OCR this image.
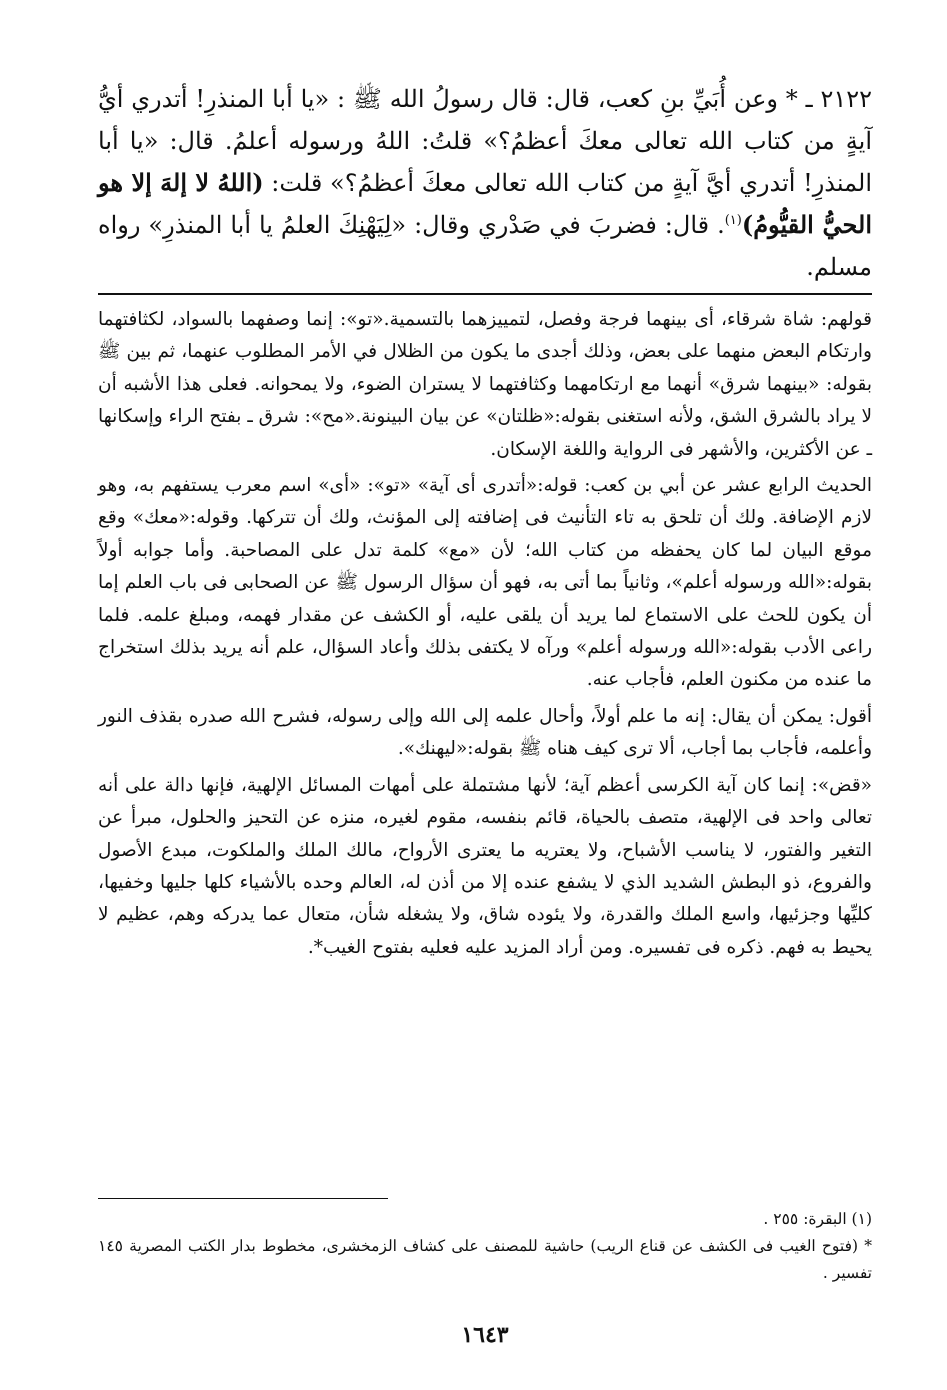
٢١٢٢ ـ * وعن أُبَيِّ بنِ كعب، قال: قال رسولُ الله ﷺ : «يا أبا المنذرِ! أتدري أيُّ آيةٍ من كتاب الله تعالى معكَ أعظمُ؟» قلتُ: اللهُ ورسوله أعلمُ. قال: «يا أبا المنذرِ! أتدري أيَّ آيةٍ من كتاب الله تعالى معكَ أعظمُ؟» قلت: (اللهُ لا إلهَ إلا هو الحيُّ القيُّومُ)$^{(١)}$. قال: فضربَ في صَدْري وقال: «لِيَهْنِكَ العلمُ يا أبا المنذرِ» رواه مسلم.

قولهم: شاة شرقاء، أى بينهما فرجة وفصل، لتمييزهما بالتسمية.«تو»: إنما وصفهما بالسواد، لكثافتهما وارتكام البعض منهما على بعض، وذلك أجدى ما يكون من الظلال في الأمر المطلوب عنهما، ثم بين ﷺ بقوله: «بينهما شرق» أنهما مع ارتكامهما وكثافتهما لا يستران الضوء، ولا يمحوانه. فعلى هذا الأشبه أن لا يراد بالشرق الشق، ولأنه استغنى بقوله:«ظلتان» عن بيان البينونة.«مح»: شرق ـ بفتح الراء وإسكانها ـ عن الأكثرين، والأشهر فى الرواية واللغة الإسكان.

الحديث الرابع عشر عن أبي بن كعب: قوله:«أتدرى أى آية» «تو»: «أى» اسم معرب يستفهم به، وهو لازم الإضافة. ولك أن تلحق به تاء التأنيث فى إضافته إلى المؤنث، ولك أن تتركها. وقوله:«معك» وقع موقع البيان لما كان يحفظه من كتاب الله؛ لأن «مع» كلمة تدل على المصاحبة. وأما جوابه أولاً بقوله:«الله ورسوله أعلم»، وثانياً بما أتى به، فهو أن سؤال الرسول ﷺ عن الصحابى فى باب العلم إما أن يكون للحث على الاستماع لما يريد أن يلقى عليه، أو الكشف عن مقدار فهمه، ومبلغ علمه. فلما راعى الأدب بقوله:«الله ورسوله أعلم» ورآه لا يكتفى بذلك وأعاد السؤال، علم أنه يريد بذلك استخراج ما عنده من مكنون العلم، فأجاب عنه.

أقول: يمكن أن يقال: إنه ما علم أولاً، وأحال علمه إلى الله وإلى رسوله، فشرح الله صدره بقذف النور وأعلمه، فأجاب بما أجاب، ألا ترى كيف هناه ﷺ بقوله:«ليهنك».

«قض»: إنما كان آية الكرسى أعظم آية؛ لأنها مشتملة على أمهات المسائل الإلهية، فإنها دالة على أنه تعالى واحد فى الإلهية، متصف بالحياة، قائم بنفسه، مقوم لغيره، منزه عن التحيز والحلول، مبرأ عن التغير والفتور، لا يناسب الأشباح، ولا يعتريه ما يعترى الأرواح، مالك الملك والملكوت، مبدع الأصول والفروع، ذو البطش الشديد الذي لا يشفع عنده إلا من أذن له، العالم وحده بالأشياء كلها جليها وخفيها، كليِّها وجزئيها، واسع الملك والقدرة، ولا يئوده شاق، ولا يشغله شأن، متعال عما يدركه وهم، عظيم لا يحيط به فهم. ذكره فى تفسيره. ومن أراد المزيد عليه فعليه بفتوح الغيب*.

(١) البقرة: ٢٥٥ .

* (فتوح الغيب فى الكشف عن قناع الريب) حاشية للمصنف على كشاف الزمخشرى، مخطوط بدار الكتب المصرية ١٤٥ تفسير .

١٦٤٣
